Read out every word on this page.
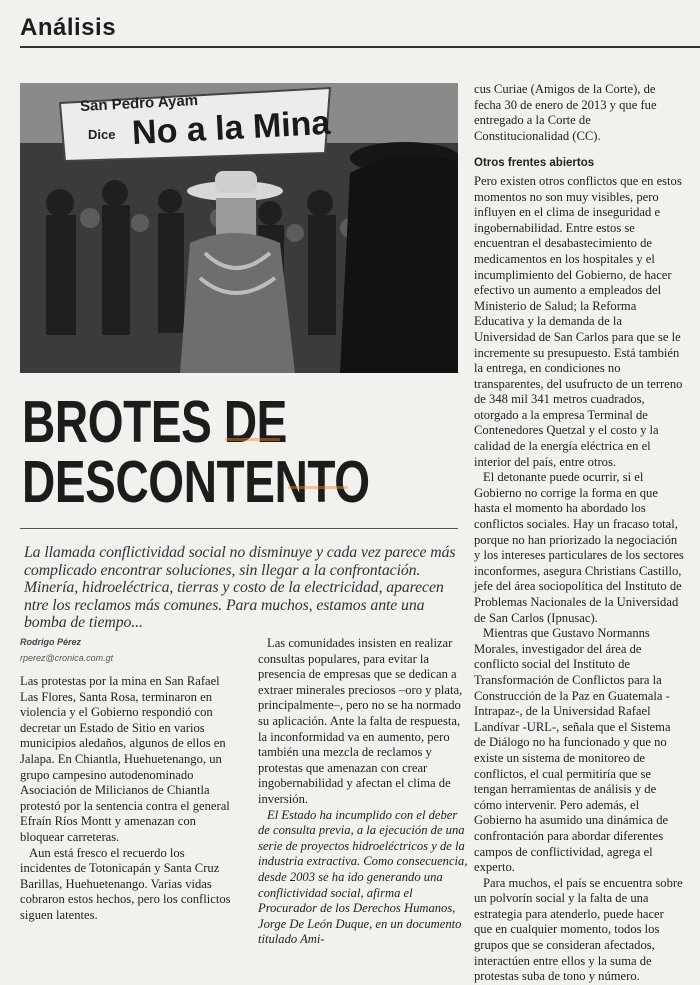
Análisis
San Pedro Ayam
Dice No a la Mina
BROTES DE
DESCONTENTO
La llamada conflictividad social no disminuye y cada vez parece más complicado encontrar soluciones, sin llegar a la confrontación. Minería, hidroeléctrica, tierras y costo de la electricidad, aparecen ntre los reclamos más comunes. Para muchos, estamos ante una bomba de tiempo...
Rodrigo Pérez
rperez@cronica.com.gt

Las protestas por la mina en San Rafael Las Flores, Santa Rosa, terminaron en violencia y el Gobierno respondió con decretar un Estado de Sitio en varios municipios aledaños, algunos de ellos en Jalapa. En Chiantla, Huehuetenango, un grupo campesino autodenominado Asociación de Milicianos de Chiantla protestó por la sentencia contra el general Efraín Ríos Montt y amenazan con bloquear carreteras.

Aun está fresco el recuerdo los incidentes de Totonicapán y Santa Cruz Barillas, Huehuetenango. Varias vidas cobraron estos hechos, pero los conflictos siguen latentes.

Las comunidades insisten en realizar consultas populares, para evitar la presencia de empresas que se dedican a extraer minerales preciosos –oro y plata, principalmente–, pero no se ha normado su aplicación. Ante la falta de respuesta, la inconformidad va en aumento, pero también una mezcla de reclamos y protestas que amenazan con crear ingobernabilidad y afectan el clima de inversión.

El Estado ha incumplido con el deber de consulta previa, a la ejecución de una serie de proyectos hidroeléctricos y de la industria extractiva. Como consecuencia, desde 2003 se ha ido generando una conflictividad social, afirma el Procurador de los Derechos Humanos, Jorge De León Duque, en un documento titulado Ami-

cus Curiae (Amigos de la Corte), de fecha 30 de enero de 2013 y que fue entregado a la Corte de Constitucionalidad (CC).

Otros frentes abiertos

Pero existen otros conflictos que en estos momentos no son muy visibles, pero influyen en el clima de inseguridad e ingobernabilidad. Entre estos se encuentran el desabastecimiento de medicamentos en los hospitales y el incumplimiento del Gobierno, de hacer efectivo un aumento a empleados del Ministerio de Salud; la Reforma Educativa y la demanda de la Universidad de San Carlos para que se le incremente su presupuesto. Está también la entrega, en condiciones no transparentes, del usufructo de un terreno de 348 mil 341 metros cuadrados, otorgado a la empresa Terminal de Contenedores Quetzal y el costo y la calidad de la energía eléctrica en el interior del país, entre otros.

El detonante puede ocurrir, si el Gobierno no corrige la forma en que hasta el momento ha abordado los conflictos sociales. Hay un fracaso total, porque no han priorizado la negociación y los intereses particulares de los sectores inconformes, asegura Christians Castillo, jefe del área sociopolítica del Instituto de Problemas Nacionales de la Universidad de San Carlos (Ipnusac).

Mientras que Gustavo Normanns Morales, investigador del área de conflicto social del Instituto de Transformación de Conflictos para la Construcción de la Paz en Guatemala -Intrapaz-, de la Universidad Rafael Landívar -URL-, señala que el Sistema de Diálogo no ha funcionado y que no existe un sistema de monitoreo de conflictos, el cual permitiría que se tengan herramientas de análisis y de cómo intervenir. Pero además, el Gobierno ha asumido una dinámica de confrontación para abordar diferentes campos de conflictividad, agrega el experto.

Para muchos, el país se encuentra sobre un polvorín social y la falta de una estrategia para atenderlo, puede hacer que en cualquier momento, todos los grupos que se consideran afectados, interactúen entre ellos y la suma de protestas suba de tono y número.
